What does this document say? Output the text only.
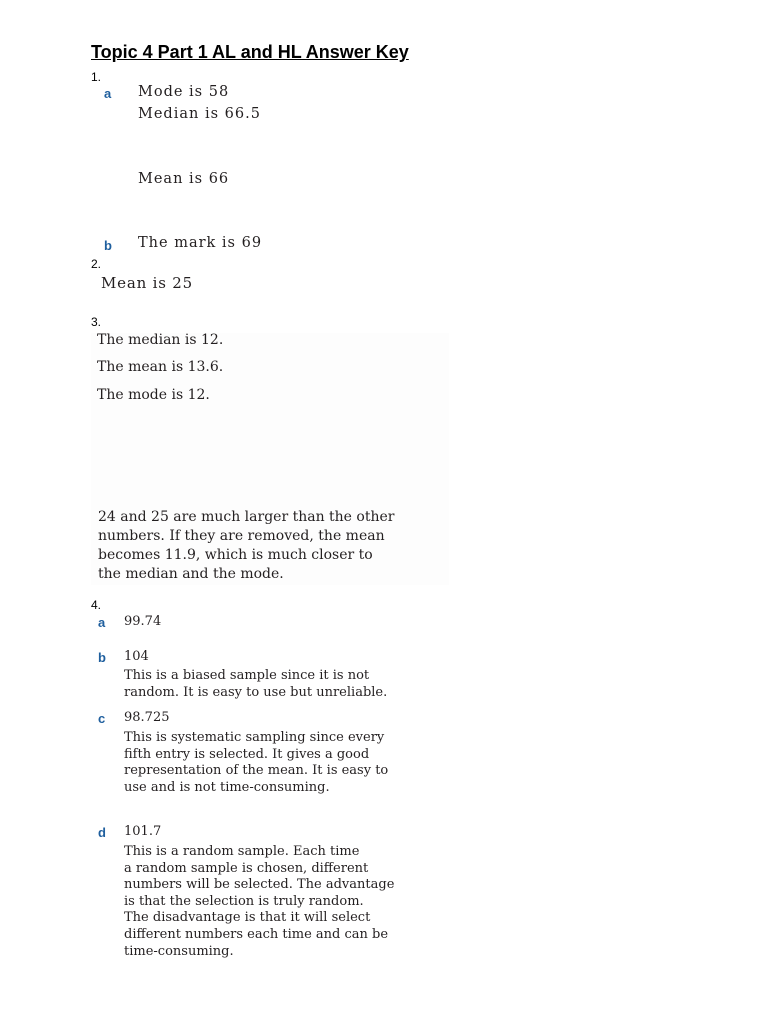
Topic 4 Part 1 AL and HL Answer Key
1.
a Mode is 58
Median is 66.5
Mean is 66
b The mark is 69
2.
Mean is 25
3.
The median is 12.
The mean is 13.6.
The mode is 12.
24 and 25 are much larger than the other
numbers. If they are removed, the mean
becomes 11.9, which is much closer to
the median and the mode.
4.
a 99.74
b 104
This is a biased sample since it is not
random. It is easy to use but unreliable.
c 98.725
This is systematic sampling since every
fifth entry is selected. It gives a good
representation of the mean. It is easy to
use and is not time-consuming.
d 101.7
This is a random sample. Each time
a random sample is chosen, different
numbers will be selected. The advantage
is that the selection is truly random.
The disadvantage is that it will select
different numbers each time and can be
time-consuming.
